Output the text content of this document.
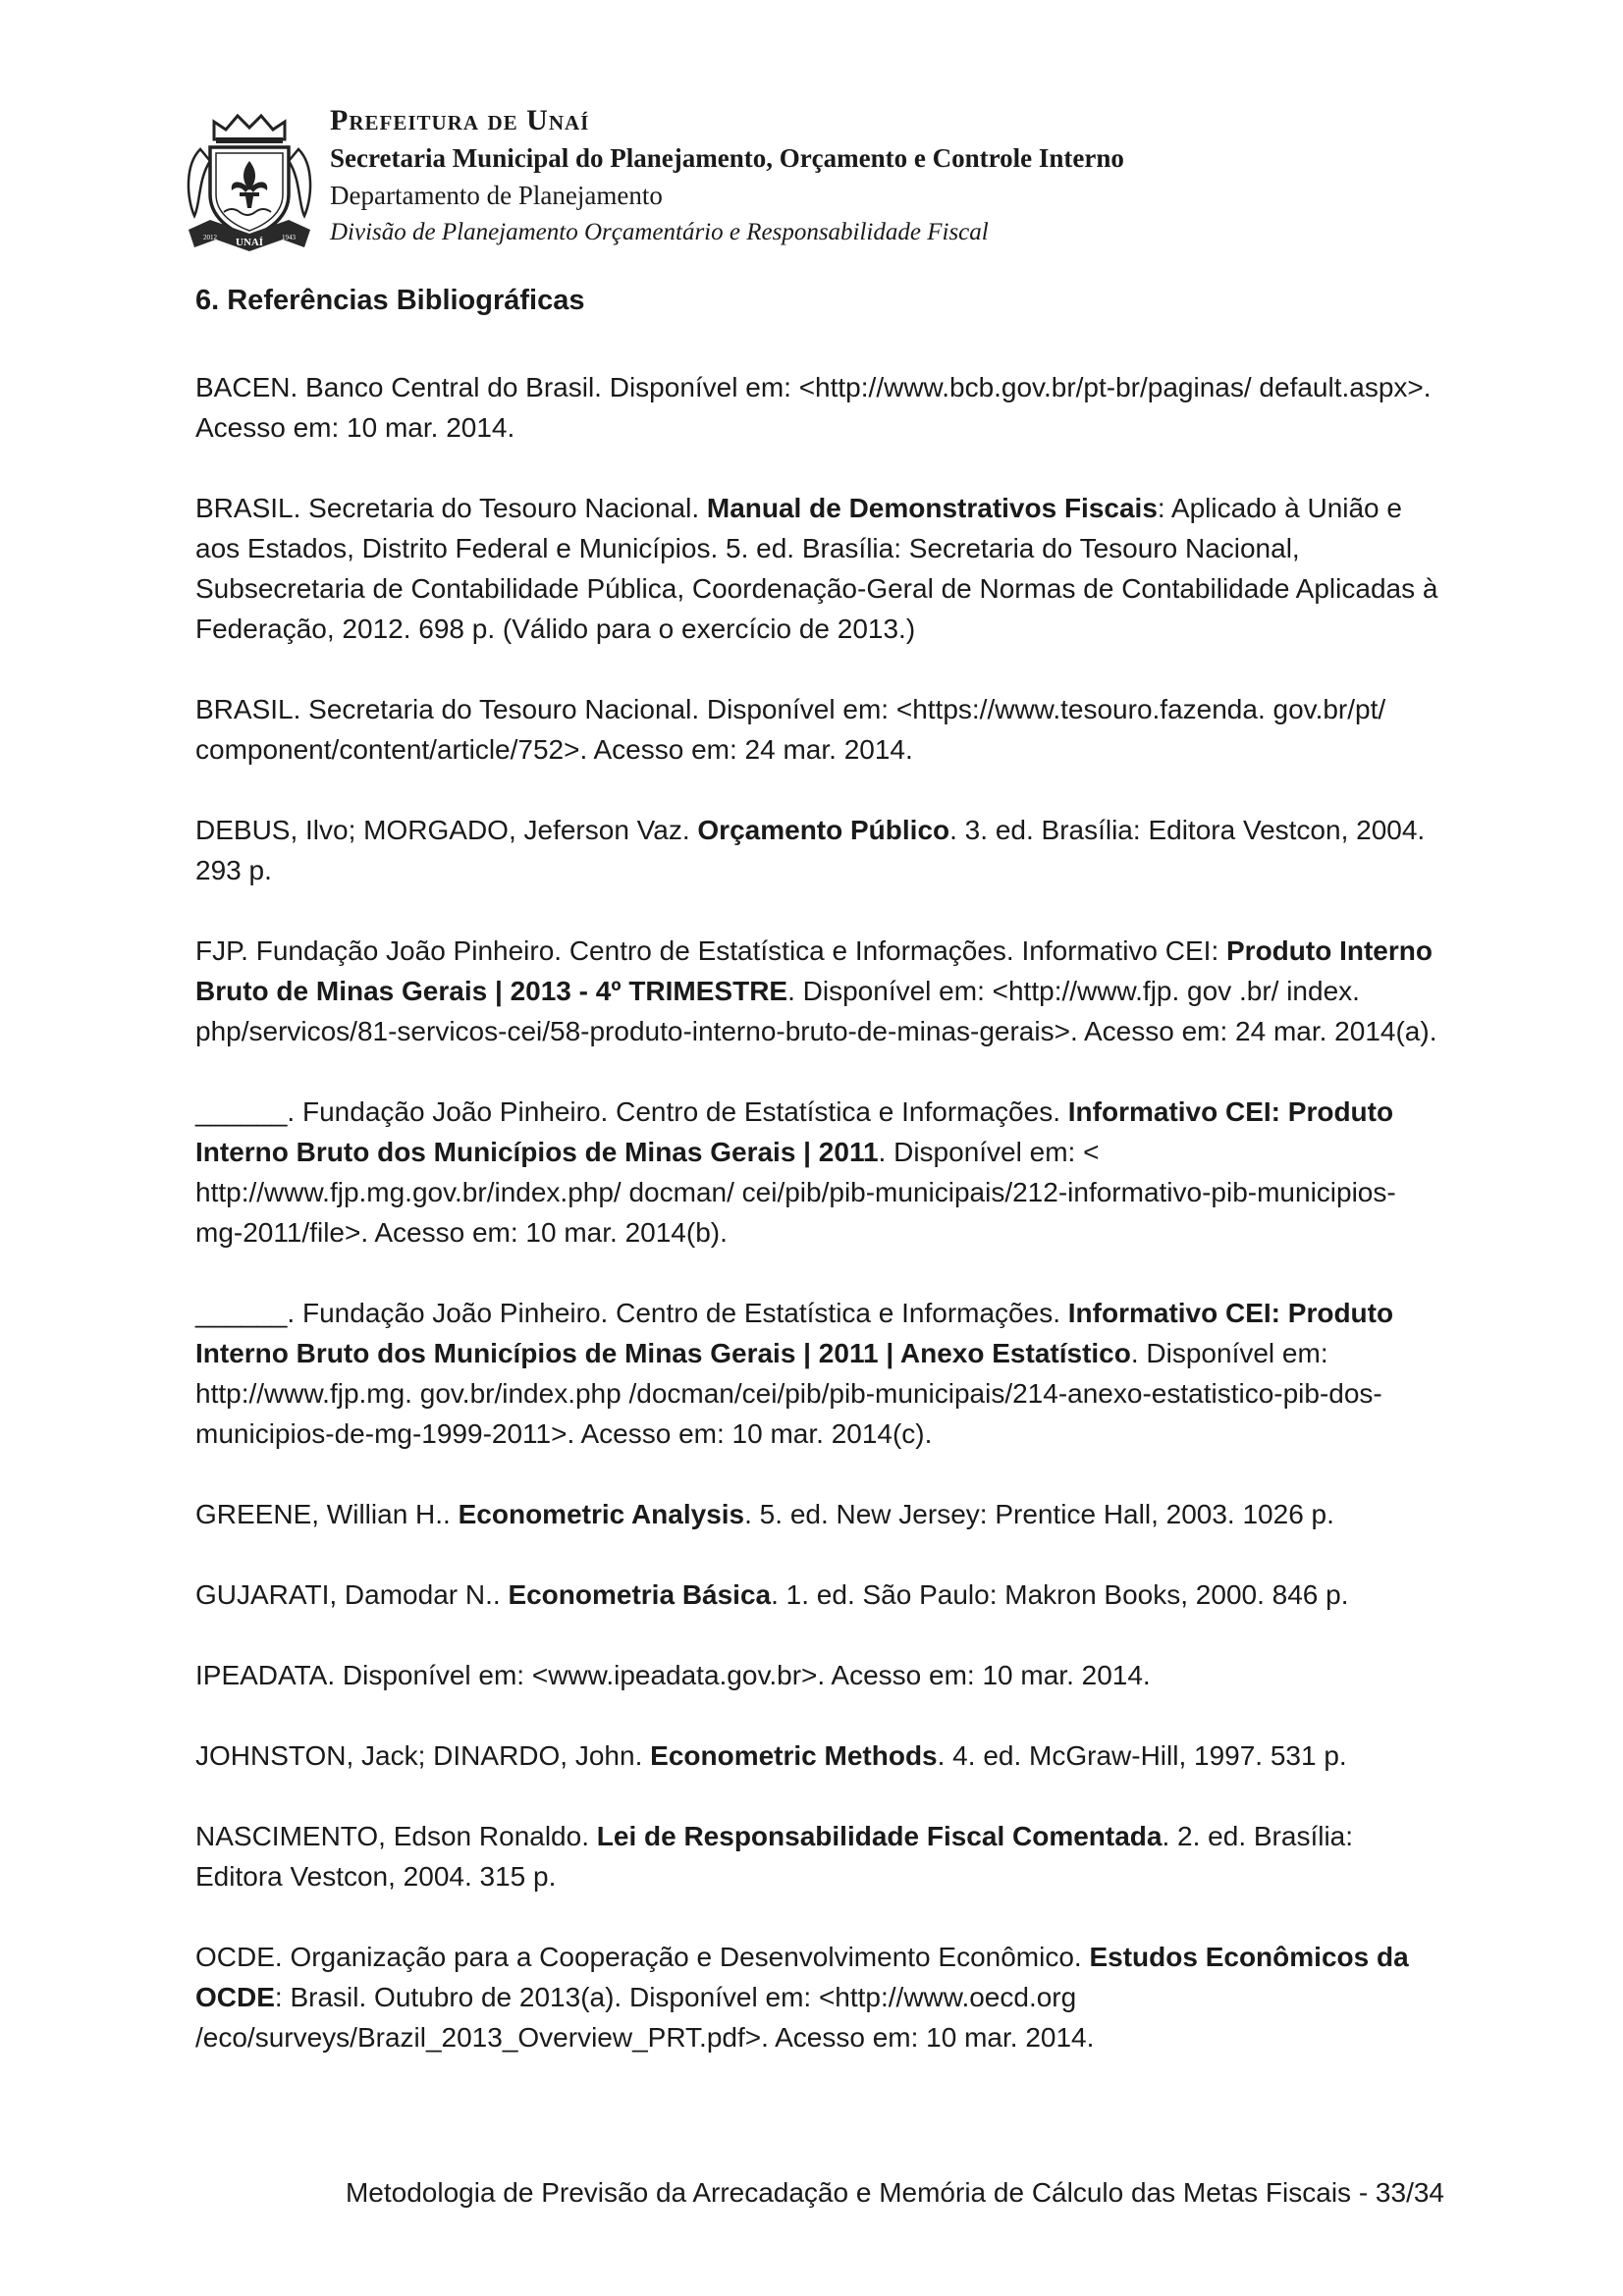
UNAÍ
2012	1943
Prefeitura de Unaí
Secretaria Municipal do Planejamento, Orçamento e Controle Interno
Departamento de Planejamento
Divisão de Planejamento Orçamentário e Responsabilidade Fiscal
6. Referências Bibliográficas

BACEN. Banco Central do Brasil. Disponível em: <http://www.bcb.gov.br/pt-br/paginas/ default.aspx>. Acesso em: 10 mar. 2014.

BRASIL. Secretaria do Tesouro Nacional. Manual de Demonstrativos Fiscais: Aplicado à União e aos Estados, Distrito Federal e Municípios. 5. ed. Brasília: Secretaria do Tesouro Nacional, Subsecretaria de Contabilidade Pública, Coordenação-Geral de Normas de Contabilidade Aplicadas à Federação, 2012. 698 p. (Válido para o exercício de 2013.)

BRASIL. Secretaria do Tesouro Nacional. Disponível em: <https://www.tesouro.fazenda. gov.br/pt/ component/content/article/752>. Acesso em: 24 mar. 2014.

DEBUS, Ilvo; MORGADO, Jeferson Vaz. Orçamento Público. 3. ed. Brasília: Editora Vestcon, 2004. 293 p.

FJP. Fundação João Pinheiro. Centro de Estatística e Informações. Informativo CEI: Produto Interno Bruto de Minas Gerais | 2013 - 4º TRIMESTRE. Disponível em: <http://www.fjp. gov .br/ index. php/servicos/81-servicos-cei/58-produto-interno-bruto-de-minas-gerais>. Acesso em: 24 mar. 2014(a).

______. Fundação João Pinheiro. Centro de Estatística e Informações. Informativo CEI: Produto Interno Bruto dos Municípios de Minas Gerais | 2011. Disponível em: < http://www.fjp.mg.gov.br/index.php/ docman/ cei/pib/pib-municipais/212-informativo-pib-municipios-mg-2011/file>. Acesso em: 10 mar. 2014(b).

______. Fundação João Pinheiro. Centro de Estatística e Informações. Informativo CEI: Produto Interno Bruto dos Municípios de Minas Gerais | 2011 | Anexo Estatístico. Disponível em: http://www.fjp.mg. gov.br/index.php /docman/cei/pib/pib-municipais/214-anexo-estatistico-pib-dos-municipios-de-mg-1999-2011>. Acesso em: 10 mar. 2014(c).

GREENE, Willian H.. Econometric Analysis. 5. ed. New Jersey: Prentice Hall, 2003. 1026 p.

GUJARATI, Damodar N.. Econometria Básica. 1. ed. São Paulo: Makron Books, 2000. 846 p.

IPEADATA. Disponível em: <www.ipeadata.gov.br>. Acesso em: 10 mar. 2014.

JOHNSTON, Jack; DINARDO, John. Econometric Methods. 4. ed. McGraw-Hill, 1997. 531 p.

NASCIMENTO, Edson Ronaldo. Lei de Responsabilidade Fiscal Comentada. 2. ed. Brasília: Editora Vestcon, 2004. 315 p.

OCDE. Organização para a Cooperação e Desenvolvimento Econômico. Estudos Econômicos da OCDE: Brasil. Outubro de 2013(a). Disponível em: <http://www.oecd.org /eco/surveys/Brazil_2013_Overview_PRT.pdf>. Acesso em: 10 mar. 2014.

Metodologia de Previsão da Arrecadação e Memória de Cálculo das Metas Fiscais - 33/34
